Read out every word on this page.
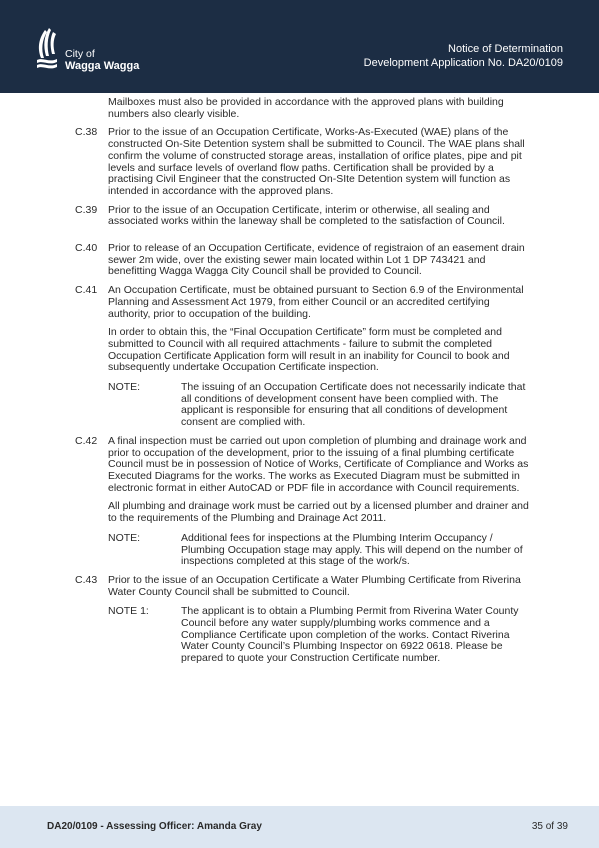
City of
Wagga Wagga
Notice of Determination
Development Application No. DA20/0109
Mailboxes must also be provided in accordance with the approved plans with building numbers also clearly visible.
C.38 Prior to the issue of an Occupation Certificate, Works-As-Executed (WAE) plans of the constructed On-Site Detention system shall be submitted to Council. The WAE plans shall confirm the volume of constructed storage areas, installation of orifice plates, pipe and pit levels and surface levels of overland flow paths. Certification shall be provided by a practising Civil Engineer that the constructed On-SIte Detention system will function as intended in accordance with the approved plans.
C.39 Prior to the issue of an Occupation Certificate, interim or otherwise, all sealing and associated works within the laneway shall be completed to the satisfaction of Council.
C.40 Prior to release of an Occupation Certificate, evidence of registraion of an easement drain sewer 2m wide, over the existing sewer main located within Lot 1 DP 743421 and benefitting Wagga Wagga City Council shall be provided to Council.
C.41 An Occupation Certificate, must be obtained pursuant to Section 6.9 of the Environmental Planning and Assessment Act 1979, from either Council or an accredited certifying authority, prior to occupation of the building.
In order to obtain this, the “Final Occupation Certificate” form must be completed and submitted to Council with all required attachments - failure to submit the completed Occupation Certificate Application form will result in an inability for Council to book and subsequently undertake Occupation Certificate inspection.
NOTE:	The issuing of an Occupation Certificate does not necessarily indicate that all conditions of development consent have been complied with. The applicant is responsible for ensuring that all conditions of development consent are complied with.
C.42 A final inspection must be carried out upon completion of plumbing and drainage work and prior to occupation of the development, prior to the issuing of a final plumbing certificate Council must be in possession of Notice of Works, Certificate of Compliance and Works as Executed Diagrams for the works. The works as Executed Diagram must be submitted in electronic format in either AutoCAD or PDF file in accordance with Council requirements.
All plumbing and drainage work must be carried out by a licensed plumber and drainer and to the requirements of the Plumbing and Drainage Act 2011.
NOTE:	Additional fees for inspections at the Plumbing Interim Occupancy / Plumbing Occupation stage may apply. This will depend on the number of inspections completed at this stage of the work/s.
C.43 Prior to the issue of an Occupation Certificate a Water Plumbing Certificate from Riverina Water County Council shall be submitted to Council.
NOTE 1:	The applicant is to obtain a Plumbing Permit from Riverina Water County Council before any water supply/plumbing works commence and a Compliance Certificate upon completion of the works. Contact Riverina Water County Council’s Plumbing Inspector on 6922 0618. Please be prepared to quote your Construction Certificate number.
DA20/0109 - Assessing Officer: Amanda Gray	35 of 39
